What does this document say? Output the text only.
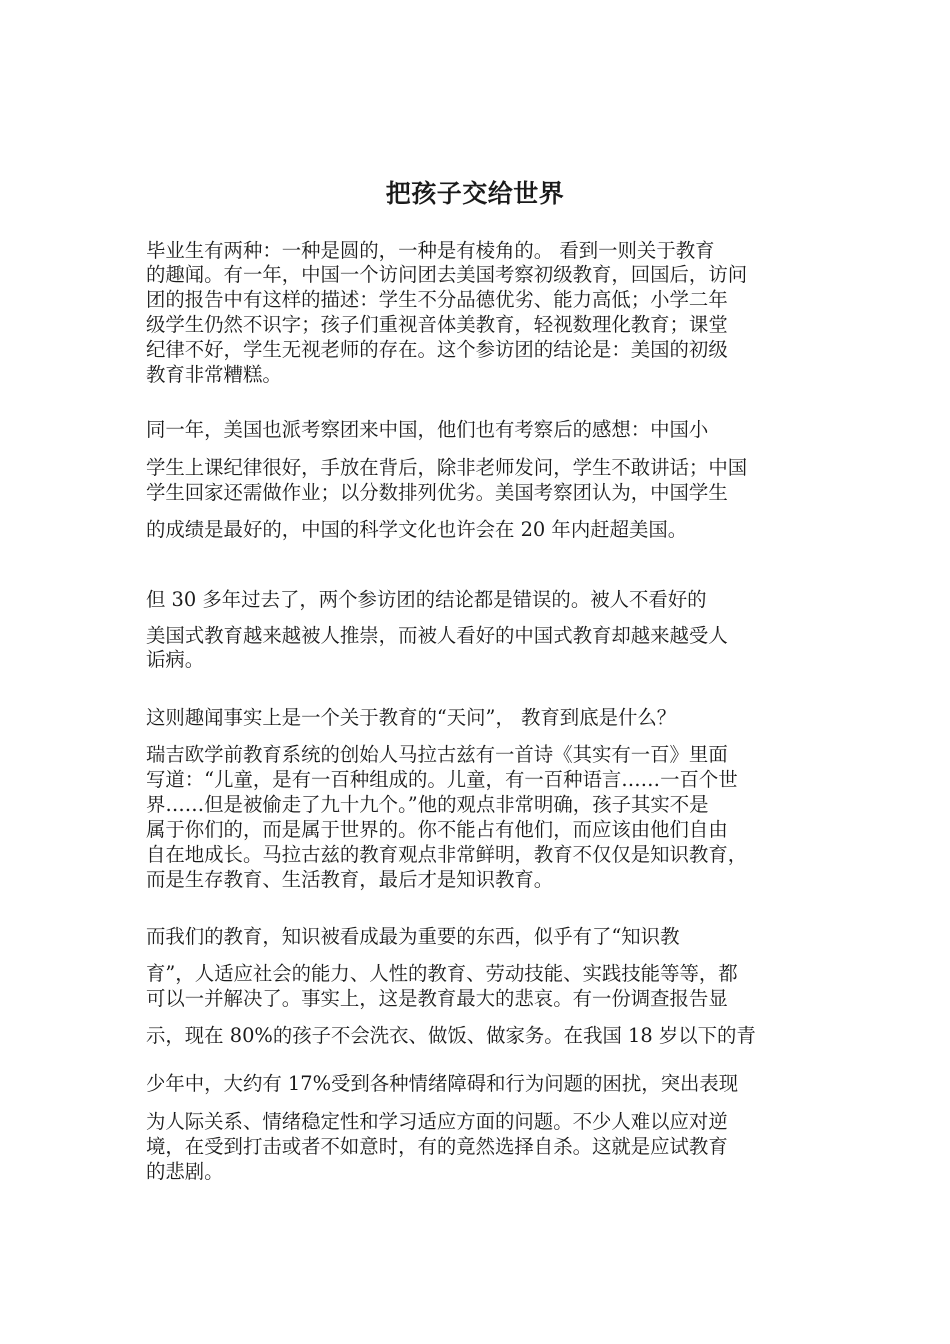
把孩子交给世界
毕业生有两种：一种是圆的，一种是有棱角的。 看到一则关于教育
的趣闻。有一年，中国一个访问团去美国考察初级教育，回国后，访问
团的报告中有这样的描述：学生不分品德优劣、能力高低；小学二年
级学生仍然不识字；孩子们重视音体美教育，轻视数理化教育；课堂
纪律不好，学生无视老师的存在。这个参访团的结论是：美国的初级
教育非常糟糕。
同一年，美国也派考察团来中国，他们也有考察后的感想：中国小
学生上课纪律很好，手放在背后，除非老师发问，学生不敢讲话；中国
学生回家还需做作业；以分数排列优劣。美国考察团认为，中国学生
的成绩是最好的，中国的科学文化也许会在 20 年内赶超美国。
但 30 多年过去了，两个参访团的结论都是错误的。被人不看好的
美国式教育越来越被人推崇，而被人看好的中国式教育却越来越受人
诟病。
这则趣闻事实上是一个关于教育的“天问”， 教育到底是什么？
瑞吉欧学前教育系统的创始人马拉古兹有一首诗《其实有一百》里面
写道：“儿童，是有一百种组成的。儿童，有一百种语言……一百个世
界……但是被偷走了九十九个。”他的观点非常明确，孩子其实不是
属于你们的，而是属于世界的。你不能占有他们，而应该由他们自由
自在地成长。马拉古兹的教育观点非常鲜明，教育不仅仅是知识教育，
而是生存教育、生活教育，最后才是知识教育。
而我们的教育，知识被看成最为重要的东西，似乎有了“知识教
育”，人适应社会的能力、人性的教育、劳动技能、实践技能等等，都
可以一并解决了。事实上，这是教育最大的悲哀。有一份调查报告显
示，现在 80%的孩子不会洗衣、做饭、做家务。在我国 18 岁以下的青
少年中，大约有 17%受到各种情绪障碍和行为问题的困扰，突出表现
为人际关系、情绪稳定性和学习适应方面的问题。不少人难以应对逆
境，在受到打击或者不如意时，有的竟然选择自杀。这就是应试教育
的悲剧。
